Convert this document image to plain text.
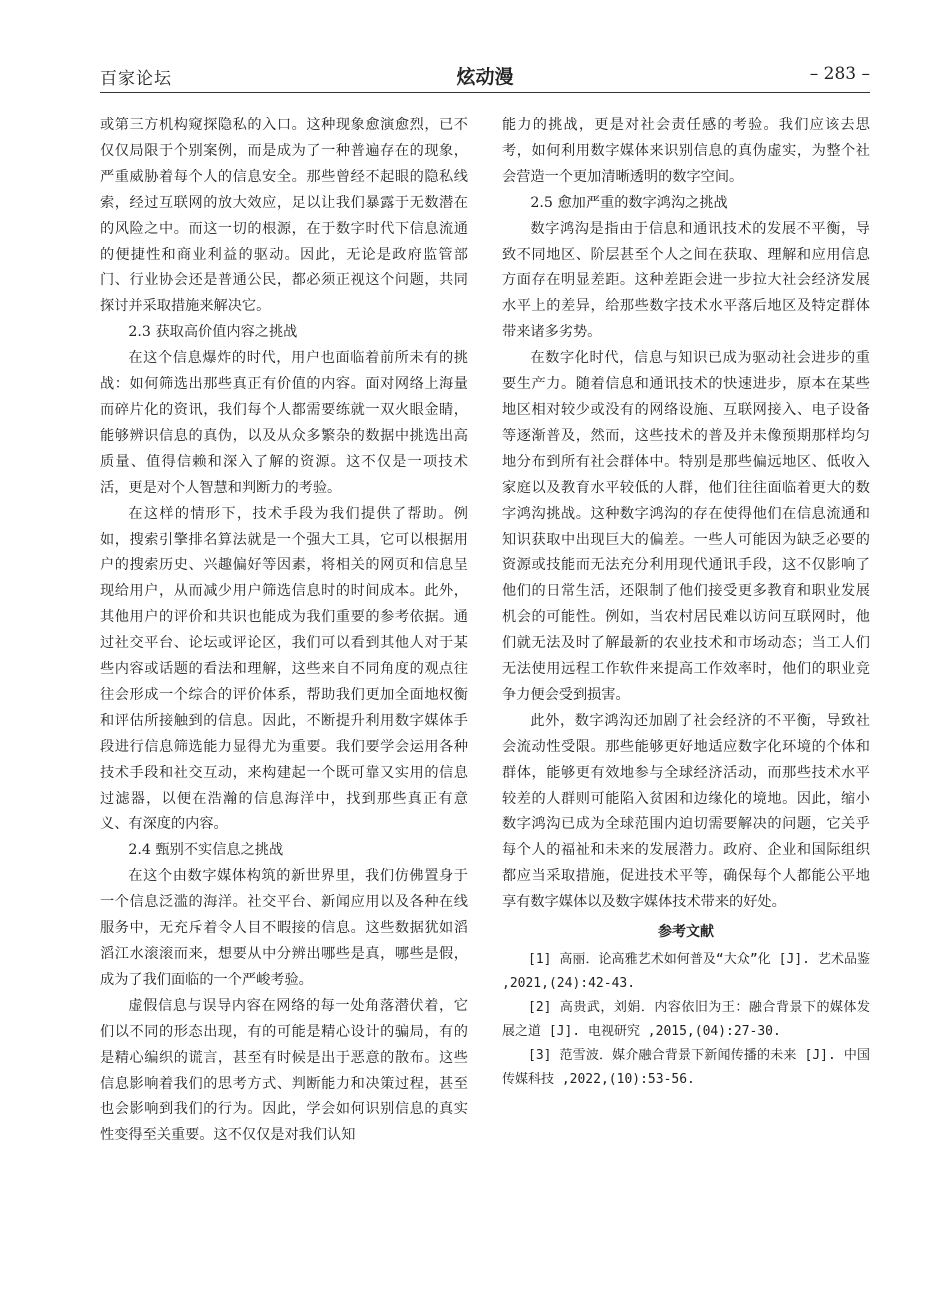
百家论坛	炫动漫	– 283 –

或第三方机构窥探隐私的入口。这种现象愈演愈烈，已不仅仅局限于个别案例，而是成为了一种普遍存在的现象，严重威胁着每个人的信息安全。那些曾经不起眼的隐私线索，经过互联网的放大效应，足以让我们暴露于无数潜在的风险之中。而这一切的根源，在于数字时代下信息流通的便捷性和商业利益的驱动。因此，无论是政府监管部门、行业协会还是普通公民，都必须正视这个问题，共同探讨并采取措施来解决它。

2.3 获取高价值内容之挑战

在这个信息爆炸的时代，用户也面临着前所未有的挑战：如何筛选出那些真正有价值的内容。面对网络上海量而碎片化的资讯，我们每个人都需要练就一双火眼金睛，能够辨识信息的真伪，以及从众多繁杂的数据中挑选出高质量、值得信赖和深入了解的资源。这不仅是一项技术活，更是对个人智慧和判断力的考验。

在这样的情形下，技术手段为我们提供了帮助。例如，搜索引擎排名算法就是一个强大工具，它可以根据用户的搜索历史、兴趣偏好等因素，将相关的网页和信息呈现给用户，从而减少用户筛选信息时的时间成本。此外，其他用户的评价和共识也能成为我们重要的参考依据。通过社交平台、论坛或评论区，我们可以看到其他人对于某些内容或话题的看法和理解，这些来自不同角度的观点往往会形成一个综合的评价体系，帮助我们更加全面地权衡和评估所接触到的信息。因此，不断提升利用数字媒体手段进行信息筛选能力显得尤为重要。我们要学会运用各种技术手段和社交互动，来构建起一个既可靠又实用的信息过滤器，以便在浩瀚的信息海洋中，找到那些真正有意义、有深度的内容。

2.4 甄别不实信息之挑战

在这个由数字媒体构筑的新世界里，我们仿佛置身于一个信息泛滥的海洋。社交平台、新闻应用以及各种在线服务中，无充斥着令人目不暇接的信息。这些数据犹如滔滔江水滚滚而来，想要从中分辨出哪些是真，哪些是假，成为了我们面临的一个严峻考验。

虚假信息与误导内容在网络的每一处角落潜伏着，它们以不同的形态出现，有的可能是精心设计的骗局，有的是精心编织的谎言，甚至有时候是出于恶意的散布。这些信息影响着我们的思考方式、判断能力和决策过程，甚至也会影响到我们的行为。因此，学会如何识别信息的真实性变得至关重要。这不仅仅是对我们认知

能力的挑战，更是对社会责任感的考验。我们应该去思考，如何利用数字媒体来识别信息的真伪虚实，为整个社会营造一个更加清晰透明的数字空间。

2.5 愈加严重的数字鸿沟之挑战

数字鸿沟是指由于信息和通讯技术的发展不平衡，导致不同地区、阶层甚至个人之间在获取、理解和应用信息方面存在明显差距。这种差距会进一步拉大社会经济发展水平上的差异，给那些数字技术水平落后地区及特定群体带来诸多劣势。

在数字化时代，信息与知识已成为驱动社会进步的重要生产力。随着信息和通讯技术的快速进步，原本在某些地区相对较少或没有的网络设施、互联网接入、电子设备等逐渐普及，然而，这些技术的普及并未像预期那样均匀地分布到所有社会群体中。特别是那些偏远地区、低收入家庭以及教育水平较低的人群，他们往往面临着更大的数字鸿沟挑战。这种数字鸿沟的存在使得他们在信息流通和知识获取中出现巨大的偏差。一些人可能因为缺乏必要的资源或技能而无法充分利用现代通讯手段，这不仅影响了他们的日常生活，还限制了他们接受更多教育和职业发展机会的可能性。例如，当农村居民难以访问互联网时，他们就无法及时了解最新的农业技术和市场动态；当工人们无法使用远程工作软件来提高工作效率时，他们的职业竞争力便会受到损害。

此外，数字鸿沟还加剧了社会经济的不平衡，导致社会流动性受限。那些能够更好地适应数字化环境的个体和群体，能够更有效地参与全球经济活动，而那些技术水平较差的人群则可能陷入贫困和边缘化的境地。因此，缩小数字鸿沟已成为全球范围内迫切需要解决的问题，它关乎每个人的福祉和未来的发展潜力。政府、企业和国际组织都应当采取措施，促进技术平等，确保每个人都能公平地享有数字媒体以及数字媒体技术带来的好处。

参考文献

[1] 高丽．论高雅艺术如何普及“大众”化 [J]. 艺术品鉴 ,2021,(24):42-43.

[2] 高贵武，刘娟．内容依旧为王：融合背景下的媒体发展之道 [J]. 电视研究 ,2015,(04):27-30.

[3] 范雪波．媒介融合背景下新闻传播的未来 [J]. 中国传媒科技 ,2022,(10):53-56.
